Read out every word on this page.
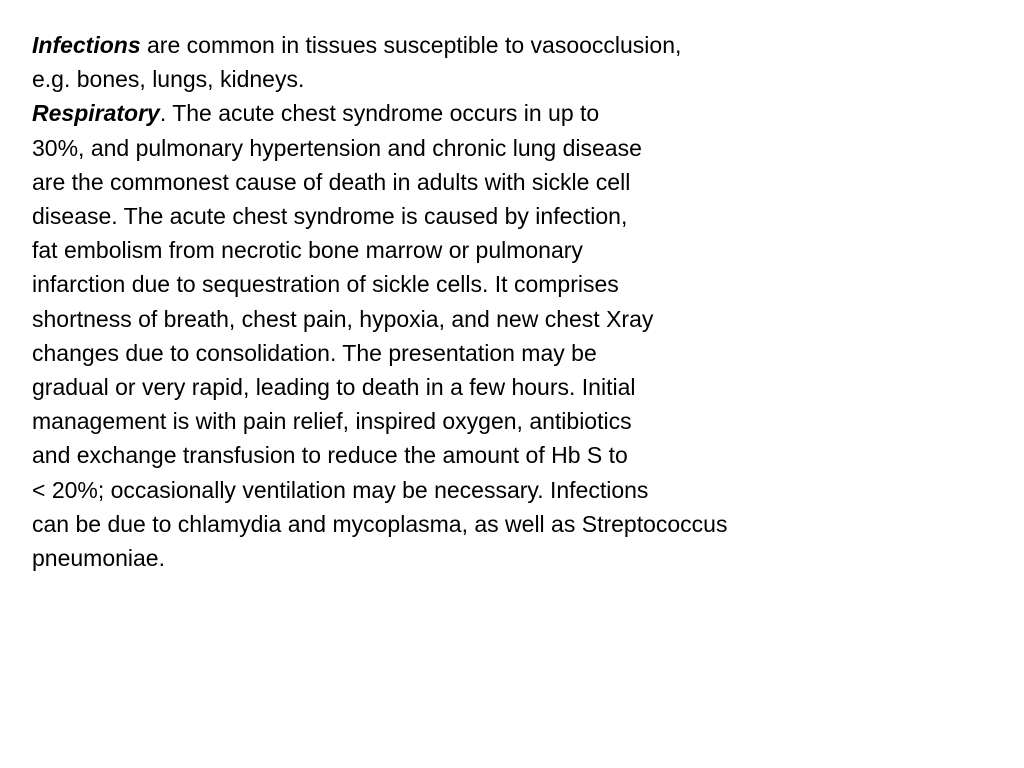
Infections are common in tissues susceptible to vasoocclusion,
e.g. bones, lungs, kidneys.
Respiratory. The acute chest syndrome occurs in up to
30%, and pulmonary hypertension and chronic lung disease
are the commonest cause of death in adults with sickle cell
disease. The acute chest syndrome is caused by infection,
fat embolism from necrotic bone marrow or pulmonary
infarction due to sequestration of sickle cells. It comprises
shortness of breath, chest pain, hypoxia, and new chest Xray
changes due to consolidation. The presentation may be
gradual or very rapid, leading to death in a few hours. Initial
management is with pain relief, inspired oxygen, antibiotics
and exchange transfusion to reduce the amount of Hb S to
< 20%; occasionally ventilation may be necessary. Infections
can be due to chlamydia and mycoplasma, as well as Streptococcus
pneumoniae.
